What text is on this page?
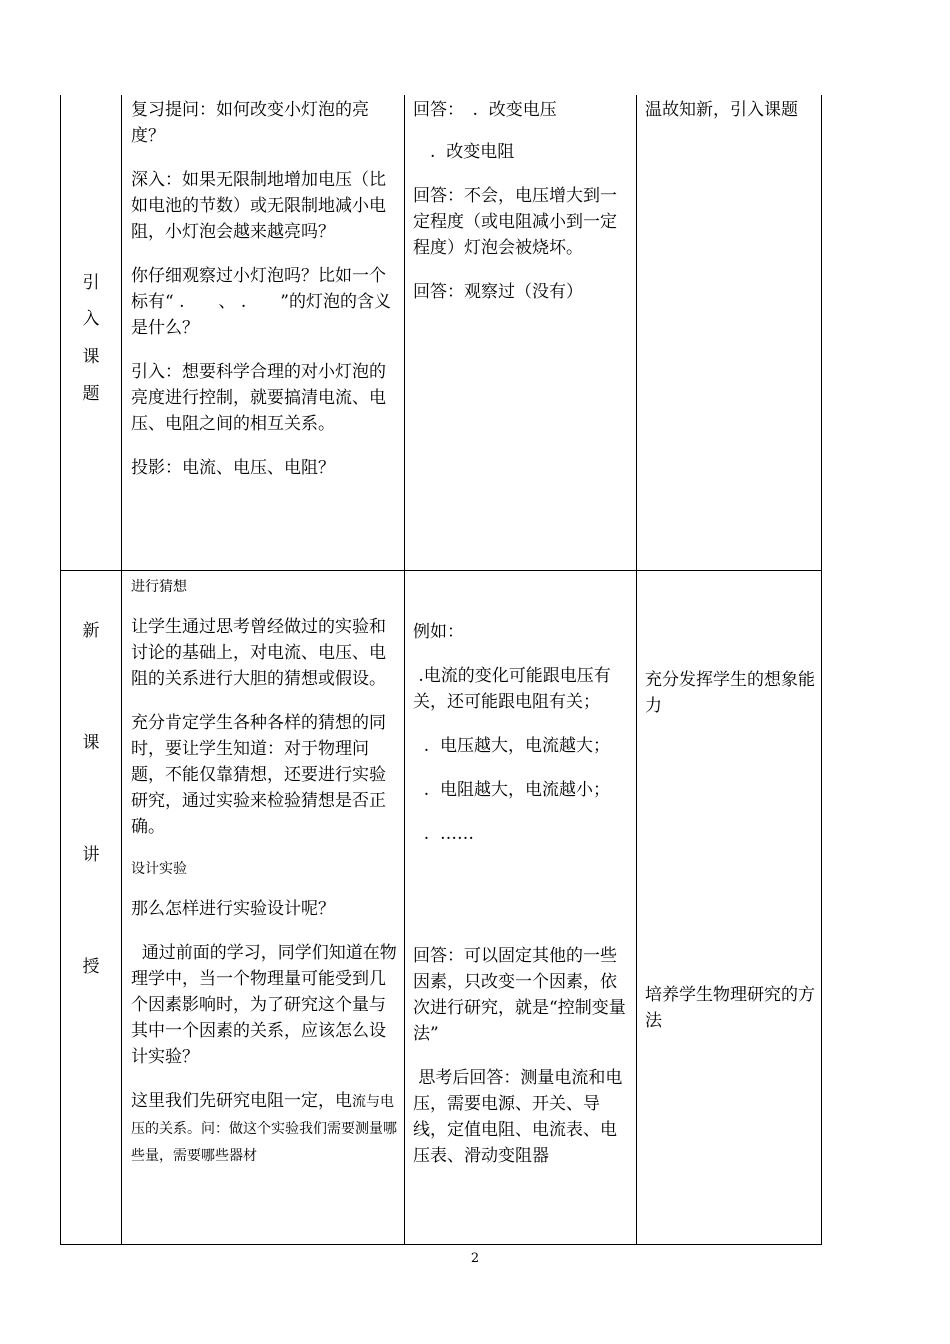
引
入
课
题

复习提问：如何改变小灯泡的亮度？

深入：如果无限制地增加电压（比如电池的节数）或无限制地减小电阻，小灯泡会越来越亮吗？

你仔细观察过小灯泡吗？比如一个标有“ .　　、 .　　”的灯泡的含义是什么？

引入：想要科学合理的对小灯泡的亮度进行控制，就要搞清电流、电压、电阻之间的相互关系。

投影：电流、电压、电阻？

回答：　.  改变电压

　.  改变电阻

回答：不会，电压增大到一定程度（或电阻减小到一定程度）灯泡会被烧坏。

回答：观察过（没有）

温故知新，引入课题

新
课
讲
授

进行猜想

让学生通过思考曾经做过的实验和讨论的基础上，对电流、电压、电阻的关系进行大胆的猜想或假设。

充分肯定学生各种各样的猜想的同时，要让学生知道：对于物理问题，不能仅靠猜想，还要进行实验研究，通过实验来检验猜想是否正确。

设计实验

那么怎样进行实验设计呢？

通过前面的学习，同学们知道在物理学中，当一个物理量可能受到几个因素影响时，为了研究这个量与其中一个因素的关系，应该怎么设计实验？

这里我们先研究电阻一定，电流与电压的关系。问：做这个实验我们需要测量哪些量，需要哪些器材

例如：

.电流的变化可能跟电压有关，还可能跟电阻有关；

.  电压越大，电流越大；

.  电阻越大，电流越小；

.  ……

回答：可以固定其他的一些因素，只改变一个因素，依次进行研究，就是“控制变量法”

思考后回答：测量电流和电压，需要电源、开关、导线，定值电阻、电流表、电压表、滑动变阻器

充分发挥学生的想象能力

培养学生物理研究的方法

2
